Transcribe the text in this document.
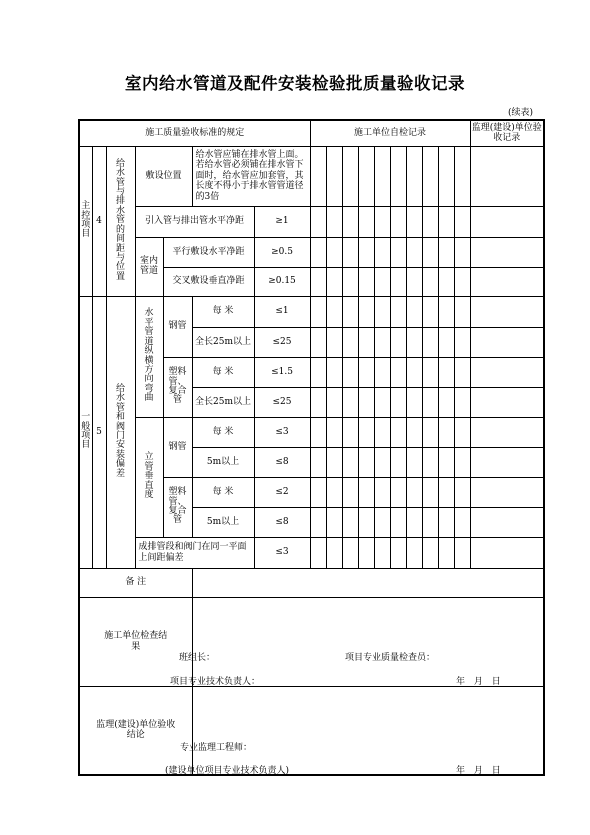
室内给水管道及配件安装检验批质量验收记录
(续表)
施工质量验收标准的规定							施工单位自检记录										监理(建设)单位验收记录
主控项目	4	给水管与排水管的间距与位置	敷设位置		给水管应铺在排水管上面。若给水管必须铺在排水管下面时，给水管应加套管，其长度不得小于排水管管道径的3倍												
			引入管与排出管水平净距			≥1											
			室内管道	平行敷设水平净距		≥0.5											
				交叉敷设垂直净距		≥0.15											
一般项目	5	给水管和阀门安装偏差	水平管道纵横方向弯曲	钢管	每 米	≤1											
					全长25m以上	≤25											
				塑料管、复合管	每 米	≤1.5											
					全长25m以上	≤25											
			立管垂直度	钢管	每 米	≤3											
					5m以上	≤8											
				塑料管、复合管	每 米	≤2											
					5m以上	≤8											
			成排管段和阀门在同一平面上间距偏差			≤3											
备 注																	

施工单位检查结果																	

监理(建设)单位验收结论																	

班组长：	项目专业质量检查员：
项目专业技术负责人：	年 月 日
专业监理工程师：
(建设单位项目专业技术负责人)	年 月 日
